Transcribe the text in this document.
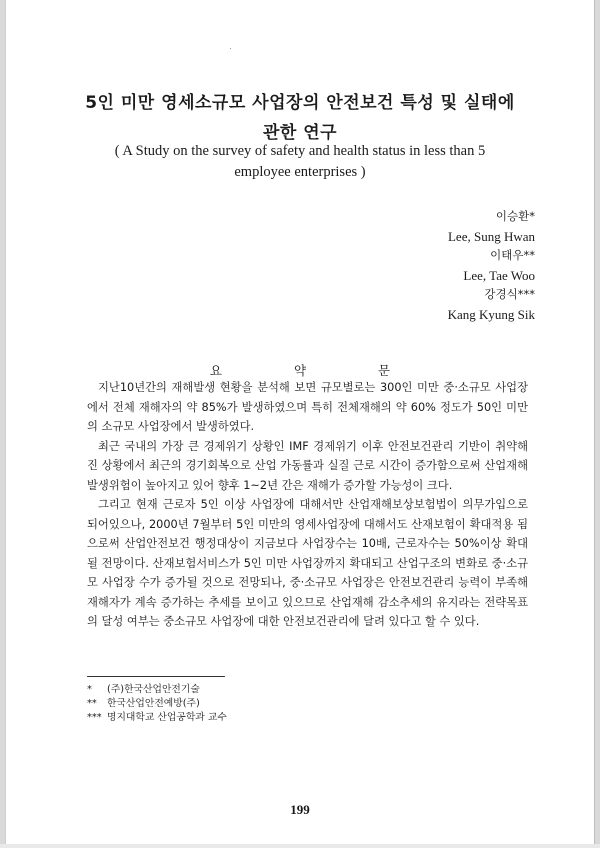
5인 미만 영세소규모 사업장의 안전보건 특성 및 실태에
관한 연구
( A Study on the survey of safety and health status in less than 5
employee enterprises )
이승환*
Lee, Sung Hwan
이태우**
Lee, Tae Woo
강경식***
Kang Kyung Sik
요 약 문

지난10년간의 재해발생 현황을 분석해 보면 규모별로는 300인 미만 중·소규모 사업장에서 전체 재해자의 약 85%가 발생하였으며 특히 전체재해의 약 60% 정도가 50인 미만의 소규모 사업장에서 발생하였다.

최근 국내의 가장 큰 경제위기 상황인 IMF 경제위기 이후 안전보건관리 기반이 취약해진 상황에서 최근의 경기회복으로 산업 가동률과 실질 근로 시간이 증가함으로써 산업재해 발생위험이 높아지고 있어 향후 1~2년 간은 재해가 증가할 가능성이 크다.

그리고 현재 근로자 5인 이상 사업장에 대해서만 산업재해보상보험법이 의무가입으로 되어있으나, 2000년 7월부터 5인 미만의 영세사업장에 대해서도 산재보험이 확대적용 됨으로써 산업안전보건 행정대상이 지금보다 사업장수는 10배, 근로자수는 50%이상 확대될 전망이다. 산재보험서비스가 5인 미만 사업장까지 확대되고 산업구조의 변화로 중·소규모 사업장 수가 증가될 것으로 전망되나, 중·소규모 사업장은 안전보건관리 능력이 부족해 재해자가 계속 증가하는 추세를 보이고 있으므로 산업재해 감소추세의 유지라는 전략목표의 달성 여부는 중소규모 사업장에 대한 안전보건관리에 달려 있다고 할 수 있다.

*	(주)한국산업안전기술
**	한국산업안전예방(주)
*** 명지대학교 산업공학과 교수
199
